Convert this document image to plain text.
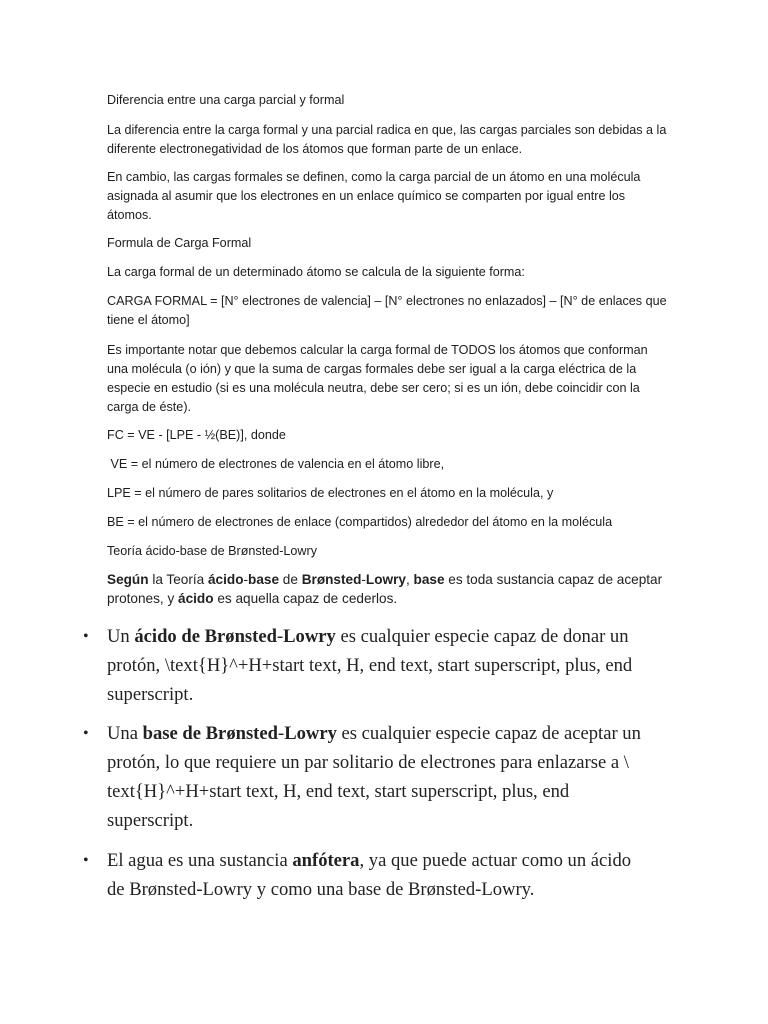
Diferencia entre una carga parcial y formal

La diferencia entre la carga formal y una parcial radica en que, las cargas parciales son debidas a la diferente electronegatividad de los átomos que forman parte de un enlace.

En cambio, las cargas formales se definen, como la carga parcial de un átomo en una molécula asignada al asumir que los electrones en un enlace químico se comparten por igual entre los átomos.

Formula de Carga Formal

La carga formal de un determinado átomo se calcula de la siguiente forma:

CARGA FORMAL = [N° electrones de valencia] – [N° electrones no enlazados] – [N° de enlaces que tiene el átomo]

Es importante notar que debemos calcular la carga formal de TODOS los átomos que conforman una molécula (o ión) y que la suma de cargas formales debe ser igual a la carga eléctrica de la especie en estudio (si es una molécula neutra, debe ser cero; si es un ión, debe coincidir con la carga de éste).

FC = VE - [LPE - ½(BE)], donde

VE = el número de electrones de valencia en el átomo libre,

LPE = el número de pares solitarios de electrones en el átomo en la molécula, y

BE = el número de electrones de enlace (compartidos) alrededor del átomo en la molécula

Teoría ácido-base de Brønsted-Lowry

Según la Teoría ácido-base de Brønsted-Lowry, base es toda sustancia capaz de aceptar protones, y ácido es aquella capaz de cederlos.

• Un ácido de Brønsted-Lowry es cualquier especie capaz de donar un protón, \text{H}^+H+start text, H, end text, start superscript, plus, end superscript.
• Una base de Brønsted-Lowry es cualquier especie capaz de aceptar un protón, lo que requiere un par solitario de electrones para enlazarse a \ text{H}^+H+start text, H, end text, start superscript, plus, end superscript.
• El agua es una sustancia anfótera, ya que puede actuar como un ácido de Brønsted-Lowry y como una base de Brønsted-Lowry.
